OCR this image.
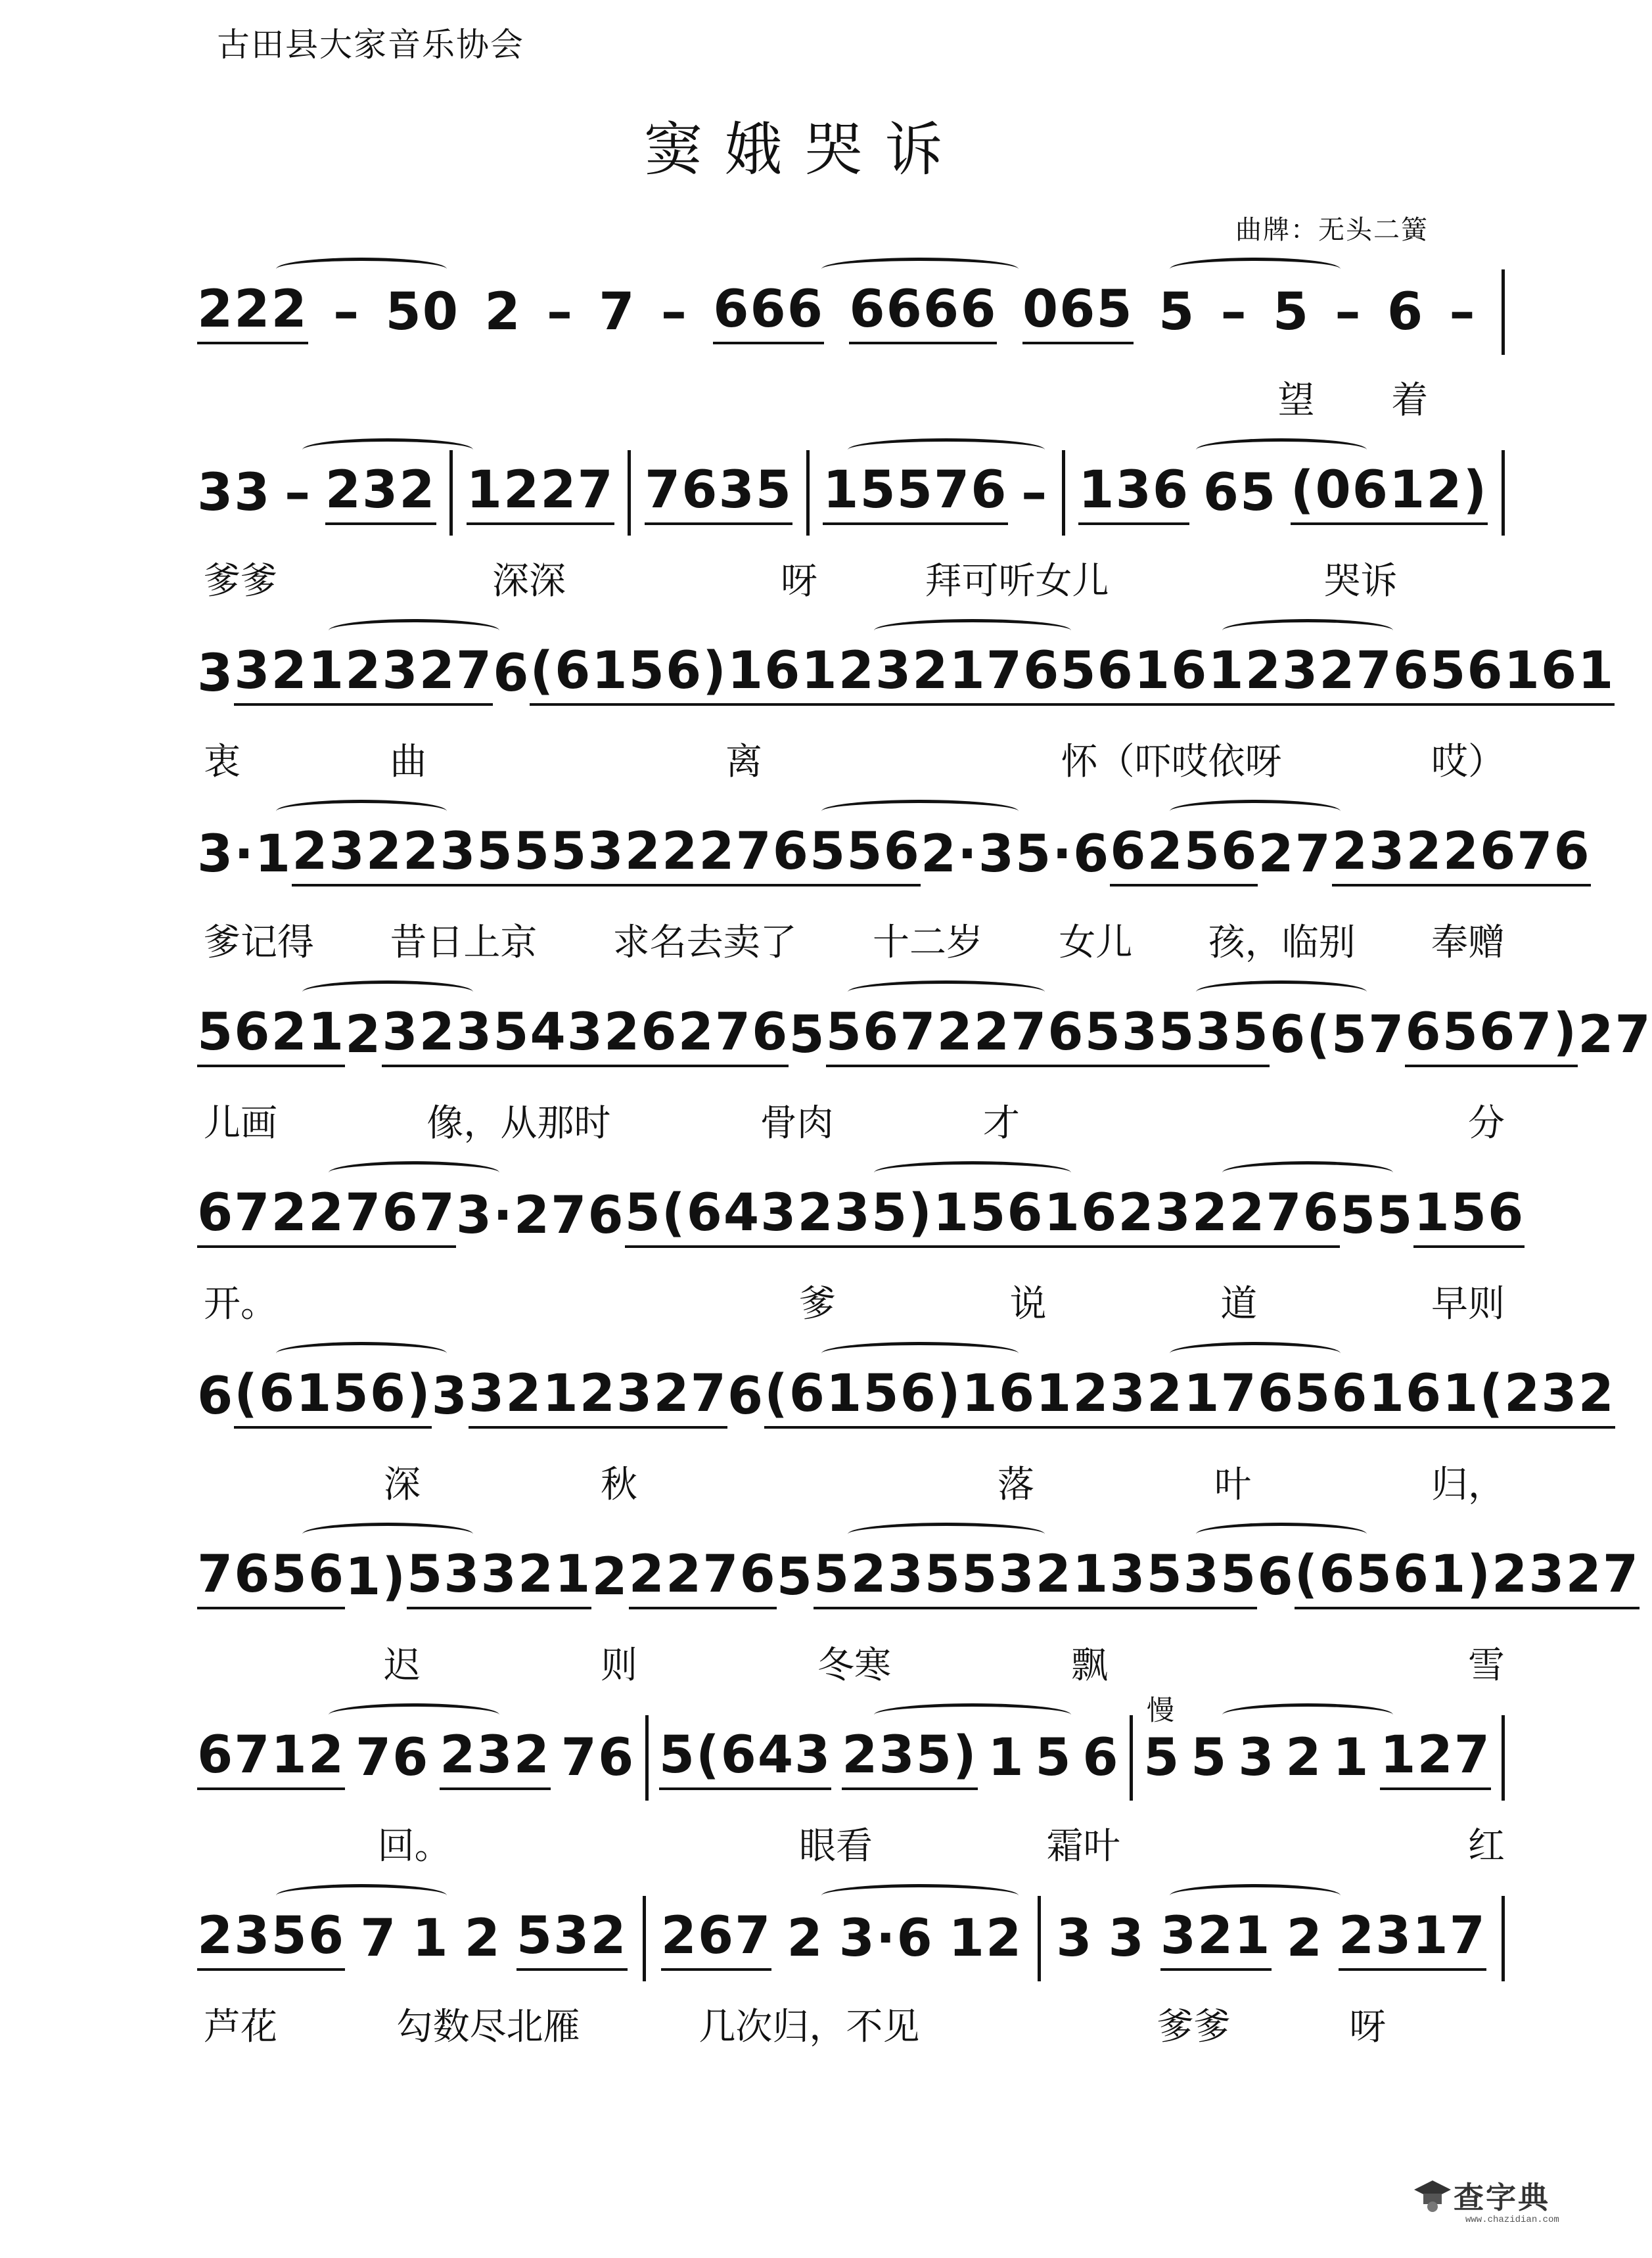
古田县大家音乐协会
窦娥哭诉
曲牌：无头二簧
222 – 50 2 – 7 – 666 6666 065 5 – 5 – 6 –
望 着
33 – 232 1227 7635 15576 – 136 65 (0612)
爹爹	深深	呀	拜可听女儿	哭诉
3 321 2327 6 (6156) 161 2321 7656 161 232 7656 161
衷	曲	离	怀（吓哎依呀	哎）
3·1 232 235 5532 2276 556 2·3 5·6 6256 27 232 2676
爹记得 昔日上京 求名去卖了 十二岁 女儿 孩，临别 奉赠
5621 2 323 5432 6276 5 5672 2765 3535 6(57 6567) 27
儿画	像，从那时	骨肉	才	分
6722 767 3·2 76 5(643 235) 156 1623 2276 55 156
开。	爹	说	道	早则
6 (6156) 3 321 2327 6 (6156) 161 2321 7656 161 (232
深	秋	落	叶	归，
7656 1) 53321 2 2276 5 5235 5321 3535 6 (6561) 2327
迟	则	冬寒	飘	雪
6712 76 232 76 5(643 235) 1 5 6 5 5 3 2 1 127
回。	眼看	霜叶	红
2356 7 1 2 532 267 2 3·6 12 3 3 321 2 2317
芦花	勾数尽北雁	几次归，不见	爹爹	呀
慢
查字典
www.chazidian.com
